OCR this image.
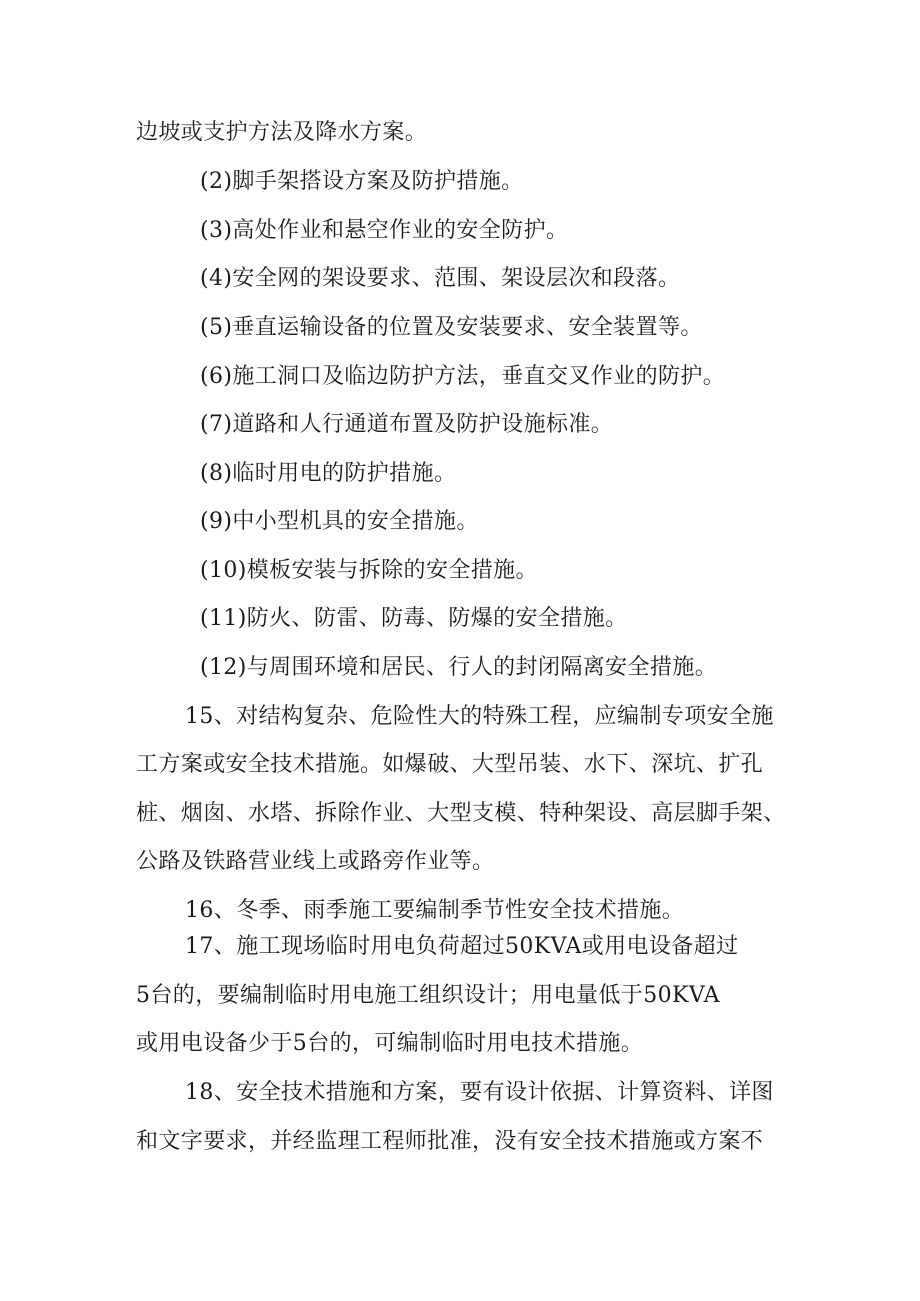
边坡或支护方法及降水方案。

(2)脚手架搭设方案及防护措施。

(3)高处作业和悬空作业的安全防护。

(4)安全网的架设要求、范围、架设层次和段落。

(5)垂直运输设备的位置及安装要求、安全装置等。

(6)施工洞口及临边防护方法，垂直交叉作业的防护。

(7)道路和人行通道布置及防护设施标准。

(8)临时用电的防护措施。

(9)中小型机具的安全措施。

(10)模板安装与拆除的安全措施。

(11)防火、防雷、防毒、防爆的安全措施。

(12)与周围环境和居民、行人的封闭隔离安全措施。

15、对结构复杂、危险性大的特殊工程，应编制专项安全施

工方案或安全技术措施。如爆破、大型吊装、水下、深坑、扩孔

桩、烟囱、水塔、拆除作业、大型支模、特种架设、高层脚手架、

公路及铁路营业线上或路旁作业等。

16、冬季、雨季施工要编制季节性安全技术措施。

17、施工现场临时用电负荷超过50KVA或用电设备超过

5台的，要编制临时用电施工组织设计；用电量低于50KVA

或用电设备少于5台的，可编制临时用电技术措施。

18、安全技术措施和方案，要有设计依据、计算资料、详图

和文字要求，并经监理工程师批准，没有安全技术措施或方案不
